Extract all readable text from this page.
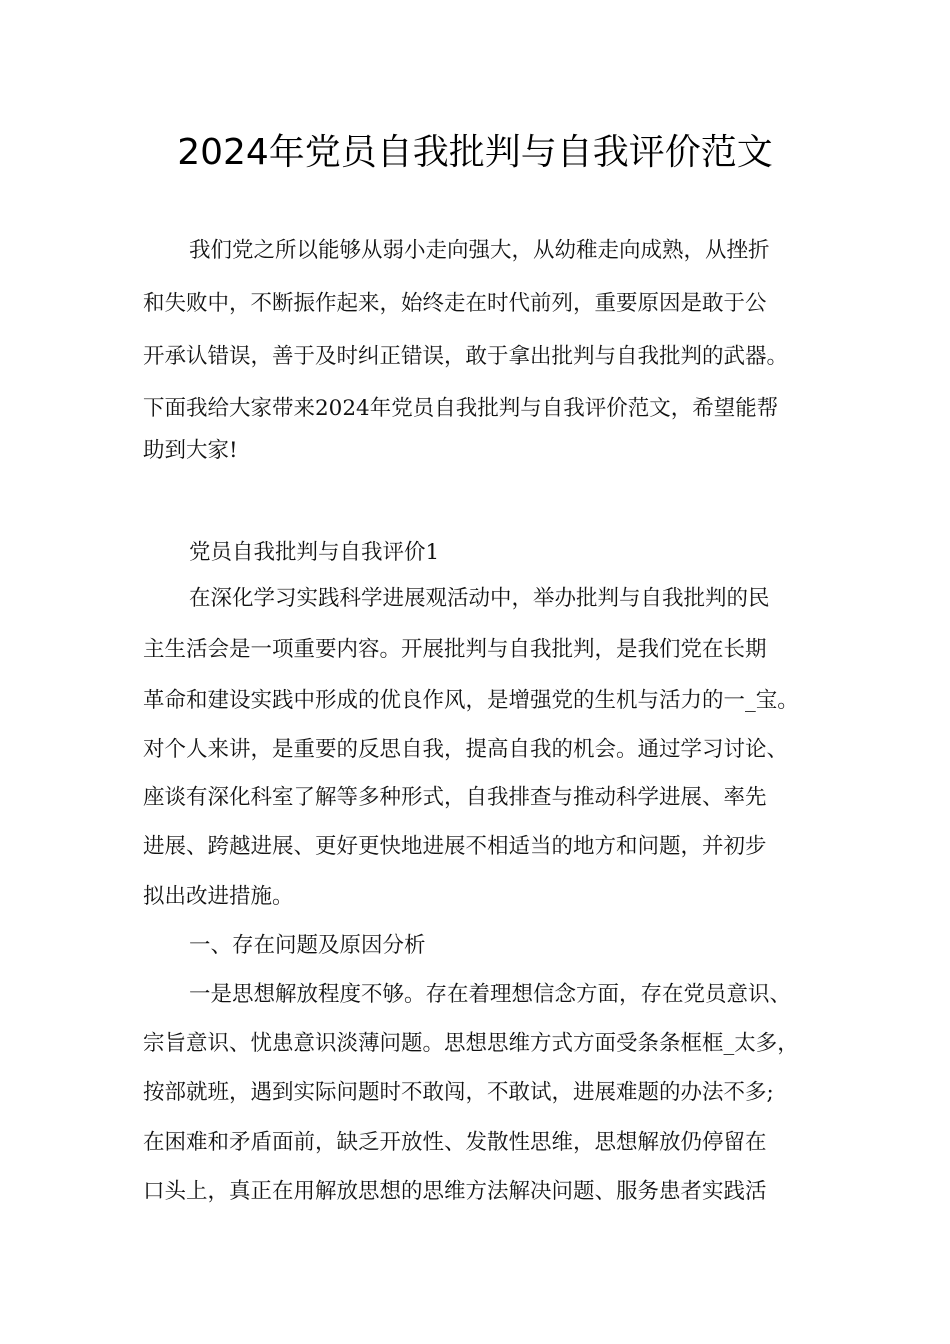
2024年党员自我批判与自我评价范文
我们党之所以能够从弱小走向强大，从幼稚走向成熟，从挫折
和失败中，不断振作起来，始终走在时代前列，重要原因是敢于公
开承认错误，善于及时纠正错误，敢于拿出批判与自我批判的武器。
下面我给大家带来2024年党员自我批判与自我评价范文，希望能帮
助到大家!
党员自我批判与自我评价1
在深化学习实践科学进展观活动中，举办批判与自我批判的民
主生活会是一项重要内容。开展批判与自我批判，是我们党在长期
革命和建设实践中形成的优良作风，是增强党的生机与活力的一_宝。
对个人来讲，是重要的反思自我，提高自我的机会。通过学习讨论、
座谈有深化科室了解等多种形式，自我排查与推动科学进展、率先
进展、跨越进展、更好更快地进展不相适当的地方和问题，并初步
拟出改进措施。
一、存在问题及原因分析
一是思想解放程度不够。存在着理想信念方面，存在党员意识、
宗旨意识、忧患意识淡薄问题。思想思维方式方面受条条框框_太多，
按部就班，遇到实际问题时不敢闯，不敢试，进展难题的办法不多;
在困难和矛盾面前，缺乏开放性、发散性思维，思想解放仍停留在
口头上，真正在用解放思想的思维方法解决问题、服务患者实践活
